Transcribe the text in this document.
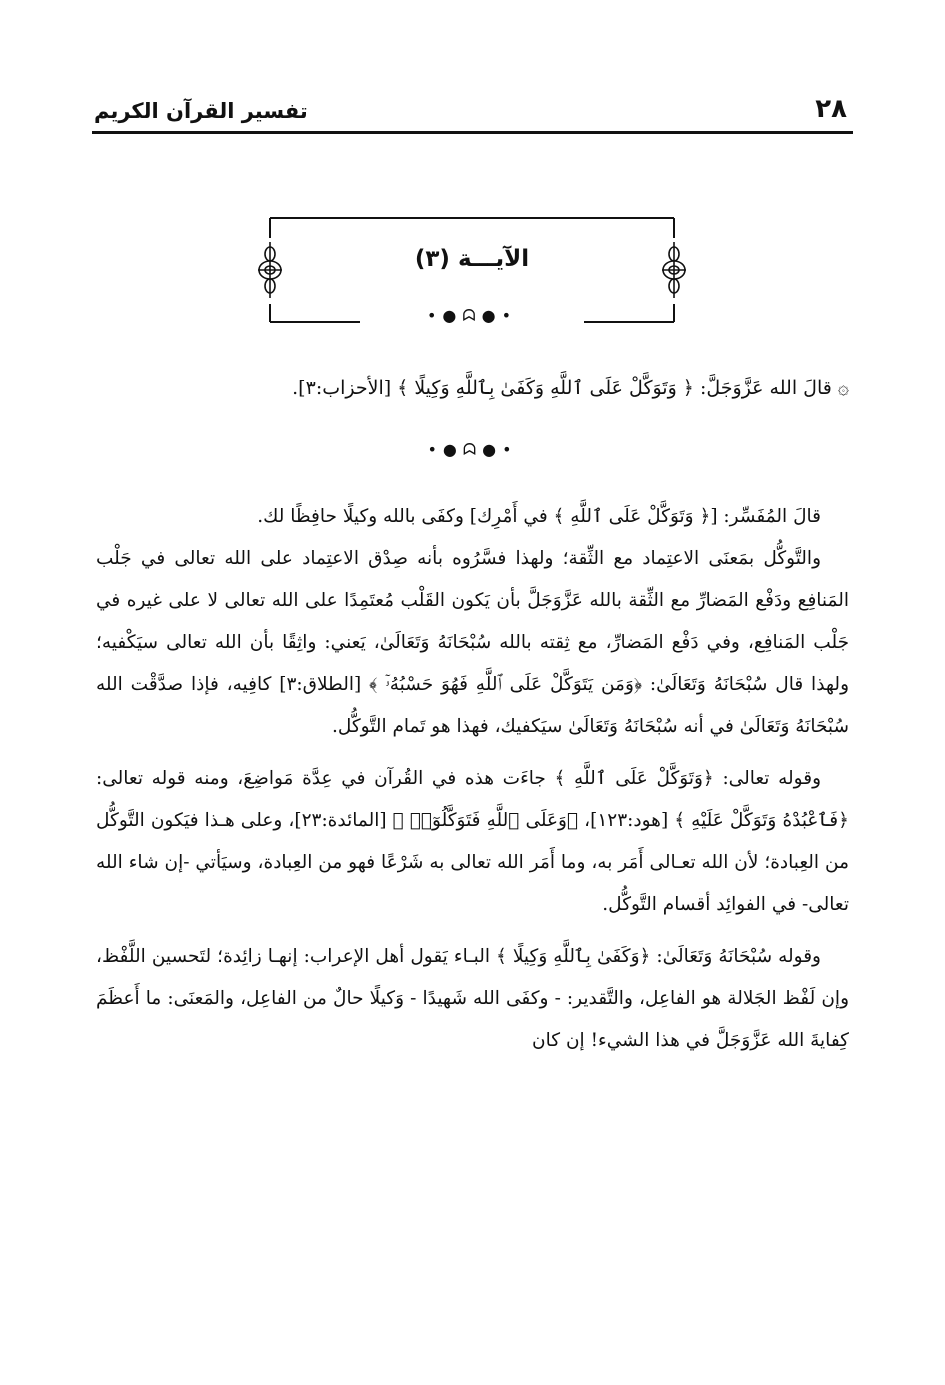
٢٨
تفسير القرآن الكريم
الآيـــة (٣)
•●ᗣ●•
۞ قالَ الله عَزَّوَجَلَّ: ﴿ وَتَوَكَّلْ عَلَى ٱللَّهِ وَكَفَىٰ بِٱللَّهِ وَكِيلًا ﴾ [الأحزاب:٣].
•●ᗣ●•

قالَ المُفَسِّر: [﴿ وَتَوَكَّلْ عَلَى ٱللَّهِ ﴾ في أَمْرِك] وكفَى بالله وكيلًا حافِظًا لك.

والتَّوكُّل بمَعنَى الاعتِماد مع الثِّقة؛ ولهذا فسَّرُوه بأنه صِدْق الاعتِماد على الله تعالى في جَلْب المَنافِع ودَفْع المَضارِّ مع الثِّقة بالله عَزَّوَجَلَّ بأن يَكون القَلْب مُعتَمِدًا على الله تعالى لا على غيره في جَلْب المَنافِع، وفي دَفْع المَضارِّ، مع ثِقته بالله سُبْحَانَهُ وَتَعَالَىٰ، يَعني: واثِقًا بأن الله تعالى سيَكْفيه؛ ولهذا قال سُبْحَانَهُ وَتَعَالَىٰ: ﴿وَمَن يَتَوَكَّلْ عَلَى ٱللَّهِ فَهُوَ حَسْبُهُۥٓ ﴾ [الطلاق:٣] كافِيه، فإذا صدَّقْت الله سُبْحَانَهُ وَتَعَالَىٰ في أنه سُبْحَانَهُ وَتَعَالَىٰ سيَكفيك، فهذا هو تَمام التَّوكُّل.

وقوله تعالى: ﴿وَتَوَكَّلْ عَلَى ٱللَّهِ ﴾ جاءَت هذه في القُرآن في عِدَّة مَواضِعَ، ومنه قوله تعالى: ﴿فَٱعْبُدْهُ وَتَوَكَّلْ عَلَيْهِ ﴾ [هود:١٢٣]، ﴿وَعَلَى ٱللَّهِ فَتَوَكَّلُوٓا۟ ﴾ [المائدة:٢٣]، وعلى هـذا فيَكون التَّوكُّل من العِبادة؛ لأن الله تعـالى أَمَر به، وما أَمَر الله تعالى به شَرْعًا فهو من العِبادة، وسيَأتي -إن شاء الله تعالى- في الفوائِد أقسام التَّوكُّل.

وقوله سُبْحَانَهُ وَتَعَالَىٰ: ﴿وَكَفَىٰ بِٱللَّهِ وَكِيلًا ﴾ البـاء يَقول أهل الإعراب: إنهـا زائِدة؛ لتَحسين اللَّفْظ، وإن لَفْظ الجَلالة هو الفاعِل، والتَّقدير: - وكفَى الله شَهيدًا - وَكيلًا حالٌ من الفاعِل، والمَعنَى: ما أَعظَمَ كِفايةَ الله عَزَّوَجَلَّ في هذا الشيء! إن كان
